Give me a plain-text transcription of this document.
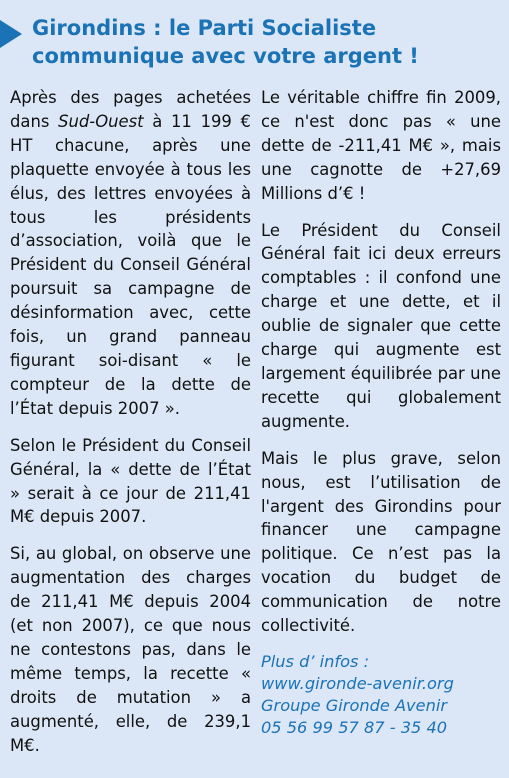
Girondins : le Parti Socialiste communique avec votre argent !

Après des pages achetées dans Sud-Ouest à 11 199 € HT chacune, après une plaquette envoyée à tous les élus, des lettres envoyées à tous les présidents d’association, voilà que le Président du Conseil Général poursuit sa campagne de désinformation avec, cette fois, un grand panneau figurant soi-disant « le compteur de la dette de l’État depuis 2007 ».

Selon le Président du Conseil Général, la « dette de l’État » serait à ce jour de 211,41 M€ depuis 2007.

Si, au global, on observe une augmentation des charges de 211,41 M€ depuis 2004 (et non 2007), ce que nous ne contestons pas, dans le même temps, la recette « droits de mutation » a augmenté, elle, de 239,1 M€.

Le véritable chiffre fin 2009, ce n'est donc pas « une dette de -211,41 M€ », mais une cagnotte de +27,69 Millions d’€ !

Le Président du Conseil Général fait ici deux erreurs comptables : il confond une charge et une dette, et il oublie de signaler que cette charge qui augmente est largement équilibrée par une recette qui globalement augmente.

Mais le plus grave, selon nous, est l’utilisation de l'argent des Girondins pour financer une campagne politique. Ce n’est pas la vocation du budget de communication de notre collectivité.

Plus d’ infos :
www.gironde-avenir.org
Groupe Gironde Avenir
05 56 99 57 87 - 35 40
